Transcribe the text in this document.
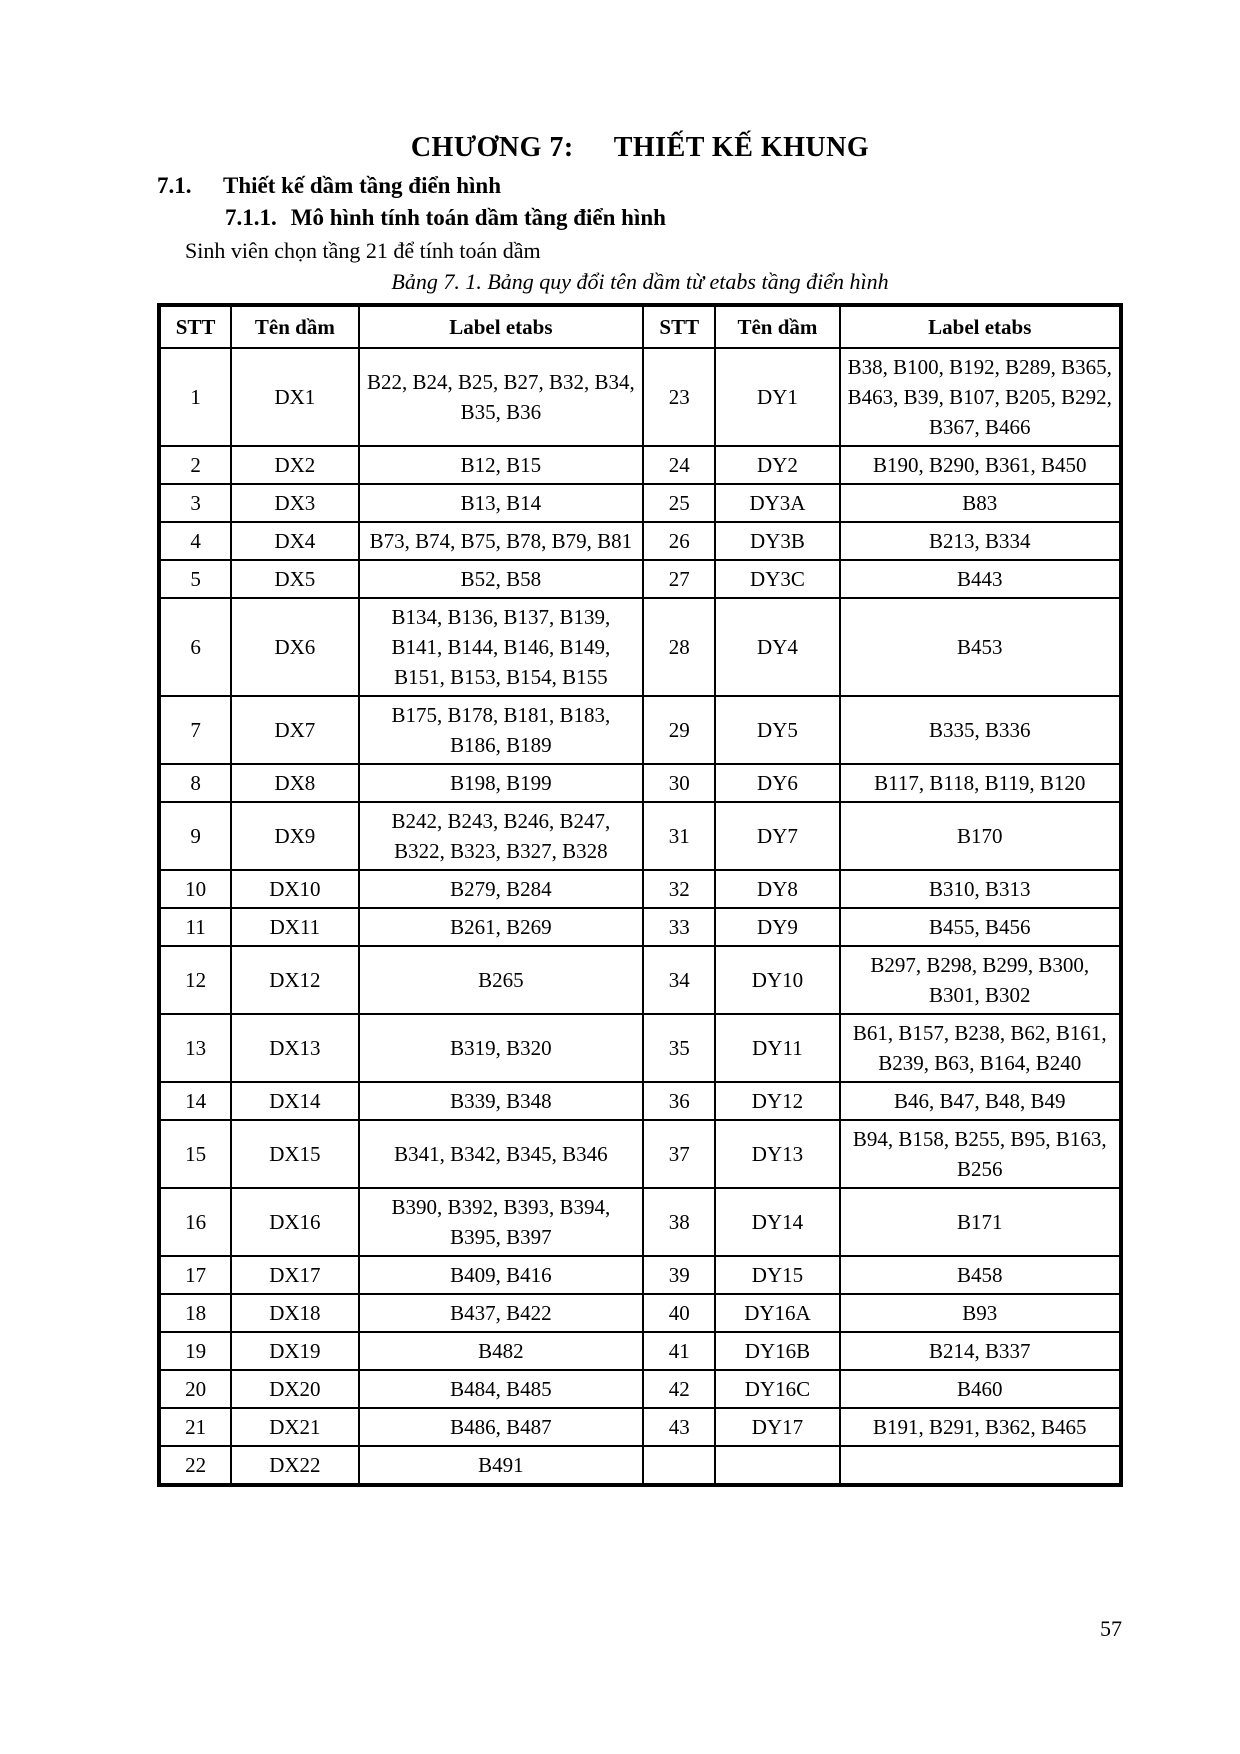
CHƯƠNG 7: THIẾT KẾ KHUNG
7.1. Thiết kế dầm tầng điển hình
7.1.1. Mô hình tính toán dầm tầng điển hình
Sinh viên chọn tầng 21 để tính toán dầm
Bảng 7. 1. Bảng quy đổi tên dầm từ etabs tầng điển hình
STT	Tên dầm	Label etabs	STT	Tên dầm	Label etabs
1	DX1	B22, B24, B25, B27, B32, B34, B35, B36	23	DY1	B38, B100, B192, B289, B365, B463, B39, B107, B205, B292, B367, B466
2	DX2	B12, B15	24	DY2	B190, B290, B361, B450
3	DX3	B13, B14	25	DY3A	B83
4	DX4	B73, B74, B75, B78, B79, B81	26	DY3B	B213, B334
5	DX5	B52, B58	27	DY3C	B443
6	DX6	B134, B136, B137, B139, B141, B144, B146, B149, B151, B153, B154, B155	28	DY4	B453
7	DX7	B175, B178, B181, B183, B186, B189	29	DY5	B335, B336
8	DX8	B198, B199	30	DY6	B117, B118, B119, B120
9	DX9	B242, B243, B246, B247, B322, B323, B327, B328	31	DY7	B170
10	DX10	B279, B284	32	DY8	B310, B313
11	DX11	B261, B269	33	DY9	B455, B456
12	DX12	B265	34	DY10	B297, B298, B299, B300, B301, B302
13	DX13	B319, B320	35	DY11	B61, B157, B238, B62, B161, B239, B63, B164, B240
14	DX14	B339, B348	36	DY12	B46, B47, B48, B49
15	DX15	B341, B342, B345, B346	37	DY13	B94, B158, B255, B95, B163, B256
16	DX16	B390, B392, B393, B394, B395, B397	38	DY14	B171
17	DX17	B409, B416	39	DY15	B458
18	DX18	B437, B422	40	DY16A	B93
19	DX19	B482	41	DY16B	B214, B337
20	DX20	B484, B485	42	DY16C	B460
21	DX21	B486, B487	43	DY17	B191, B291, B362, B465
22	DX22	B491			
57
